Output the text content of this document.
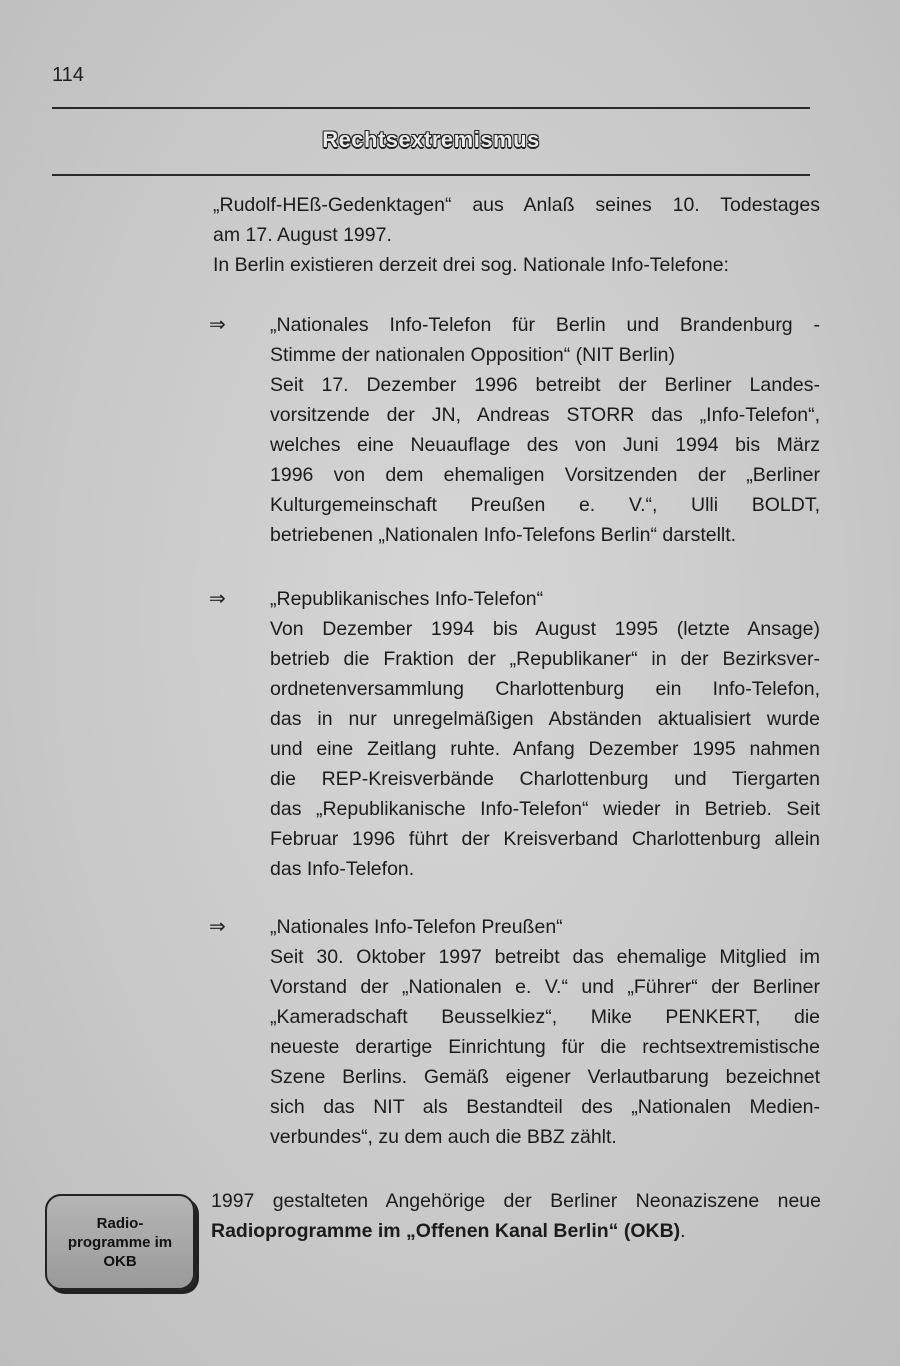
114
Rechtsextremismus
„Rudolf-HEß-Gedenktagen“ aus Anlaß seines 10. Todestages
am 17. August 1997.
In Berlin existieren derzeit drei sog. Nationale Info-Telefone:
⇒ „Nationales Info-Telefon für Berlin und Brandenburg -
Stimme der nationalen Opposition“ (NIT Berlin)
Seit 17. Dezember 1996 betreibt der Berliner Landes-
vorsitzende der JN, Andreas STORR das „Info-Telefon“,
welches eine Neuauflage des von Juni 1994 bis März
1996 von dem ehemaligen Vorsitzenden der „Berliner
Kulturgemeinschaft Preußen e. V.“, Ulli BOLDT,
betriebenen „Nationalen Info-Telefons Berlin“ darstellt.
⇒ „Republikanisches Info-Telefon“
Von Dezember 1994 bis August 1995 (letzte Ansage)
betrieb die Fraktion der „Republikaner“ in der Bezirksver-
ordnetenversammlung Charlottenburg ein Info-Telefon,
das in nur unregelmäßigen Abständen aktualisiert wurde
und eine Zeitlang ruhte. Anfang Dezember 1995 nahmen
die REP-Kreisverbände Charlottenburg und Tiergarten
das „Republikanische Info-Telefon“ wieder in Betrieb. Seit
Februar 1996 führt der Kreisverband Charlottenburg allein
das Info-Telefon.
⇒ „Nationales Info-Telefon Preußen“
Seit 30. Oktober 1997 betreibt das ehemalige Mitglied im
Vorstand der „Nationalen e. V.“ und „Führer“ der Berliner
„Kameradschaft Beusselkiez“, Mike PENKERT, die
neueste derartige Einrichtung für die rechtsextremistische
Szene Berlins. Gemäß eigener Verlautbarung bezeichnet
sich das NIT als Bestandteil des „Nationalen Medien-
verbundes“, zu dem auch die BBZ zählt.
Radio-
programme im
OKB
1997 gestalteten Angehörige der Berliner Neonaziszene neue
Radioprogramme im „Offenen Kanal Berlin“ (OKB).
